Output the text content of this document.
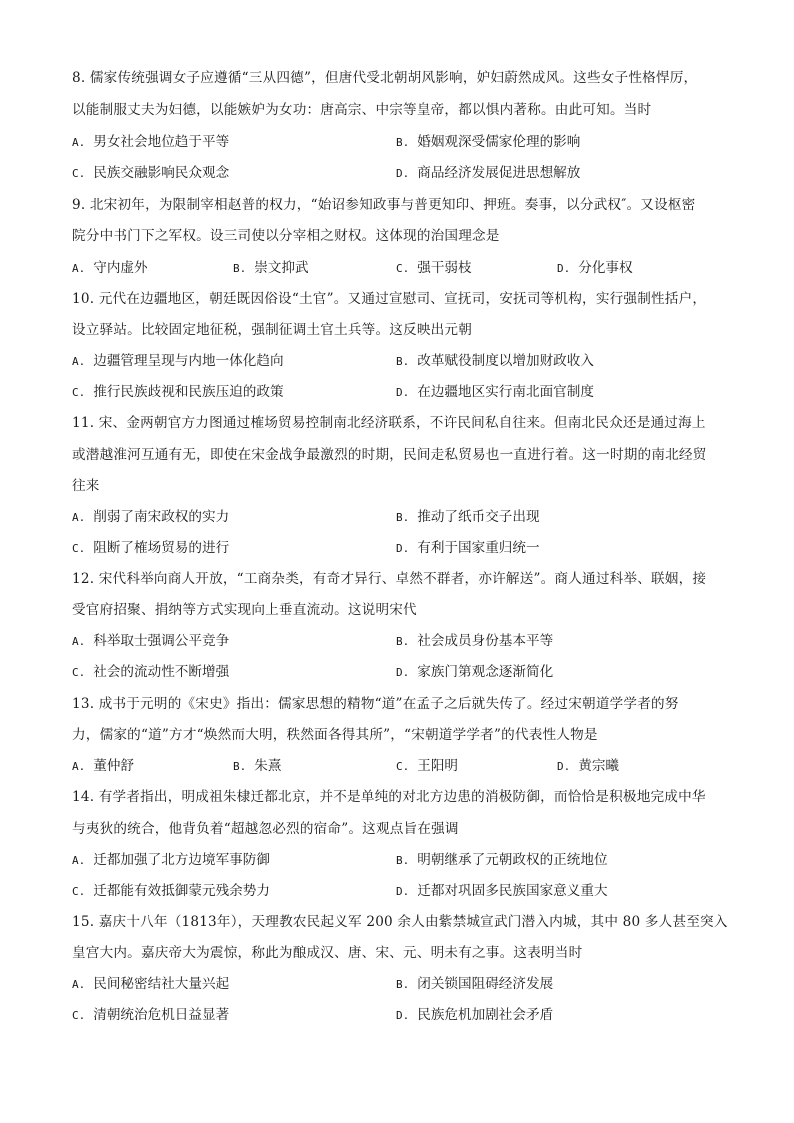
8. 儒家传统强调女子应遵循“三从四德”，但唐代受北朝胡风影响，妒妇蔚然成风。这些女子性格悍厉，
以能制服丈夫为妇德，以能嫉妒为女功：唐高宗、中宗等皇帝，都以惧内著称。由此可知。当时
A. 男女社会地位趋于平等	B. 婚姻观深受儒家伦理的影响
C. 民族交融影响民众观念	D. 商品经济发展促进思想解放
9. 北宋初年，为限制宰相赵普的权力，“始诏参知政事与普更知印、押班。奏事，以分武权″。又设枢密
院分中书门下之军权。设三司使以分宰相之财权。这体现的治国理念是
A. 守内虚外	B. 崇文抑武	C. 强干弱枝	D. 分化事权
10. 元代在边疆地区，朝廷既因俗设“土官”。又通过宣慰司、宣抚司，安抚司等机构，实行强制性括户，
设立驿站。比较固定地征税，强制征调土官土兵等。这反映出元朝
A. 边疆管理呈现与内地一体化趋向	B. 改革赋役制度以增加财政收入
C. 推行民族歧视和民族压迫的政策	D. 在边疆地区实行南北面官制度
11. 宋、金两朝官方力图通过榷场贸易控制南北经济联系，不许民间私自往来。但南北民众还是通过海上
或潜越淮河互通有无，即使在宋金战争最激烈的时期，民间走私贸易也一直进行着。这一时期的南北经贸
往来
A. 削弱了南宋政权的实力	B. 推动了纸币交子出现
C. 阻断了榷场贸易的进行	D. 有利于国家重归统一
12. 宋代科举向商人开放，“工商杂类，有奇才异行、卓然不群者，亦许解送”。商人通过科举、联姻，接
受官府招聚、捐纳等方式实现向上垂直流动。这说明宋代
A. 科举取士强调公平竞争	B. 社会成员身份基本平等
C. 社会的流动性不断增强	D. 家族门第观念逐渐简化
13. 成书于元明的《宋史》指出：儒家思想的精物“道”在孟子之后就失传了。经过宋朝道学学者的努
力，儒家的“道”方才“焕然而大明，秩然面各得其所”，“宋朝道学学者”的代表性人物是
A. 董仲舒	B. 朱熹	C. 王阳明	D. 黄宗曦
14. 有学者指出，明成祖朱棣迁都北京，并不是单纯的对北方边患的消极防御，而恰恰是积极地完成中华
与夷狄的统合，他背负着“超越忽必烈的宿命”。这观点旨在强调
A. 迁都加强了北方边境军事防御	B. 明朝继承了元朝政权的正统地位
C. 迁都能有效抵御蒙元残余势力	D. 迁都对巩固多民族国家意义重大
15. 嘉庆十八年（1813年），天理教农民起义军 200 余人由紫禁城宣武门潜入内城，其中 80 多人甚至突入
皇宫大内。嘉庆帝大为震惊，称此为酿成汉、唐、宋、元、明未有之事。这表明当时
A. 民间秘密结社大量兴起	B. 闭关锁国阻碍经济发展
C. 清朝统治危机日益显著	D. 民族危机加剧社会矛盾
